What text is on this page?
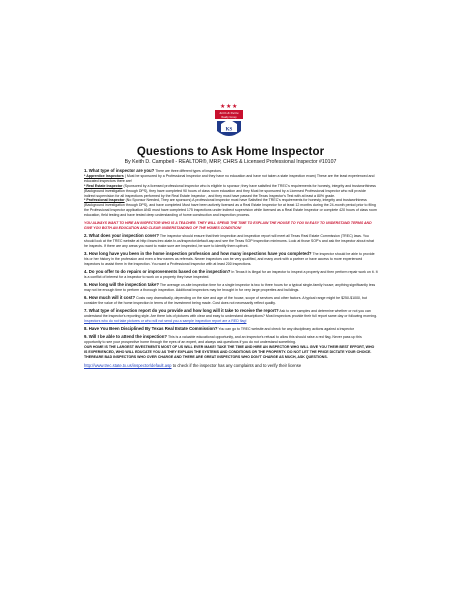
★ ★ ★
Keith & Sheila
Realty Group
KS
Questions to Ask Home Inspector
By Keith D. Campbell - REALTOR®, MRP, CHRS & Licensed Professional Inspector #10107

1. What type of inspector are you? There are three different types of inspectors.
* Apprentice Inspectors ( Must be sponsored by a Professional Inspector and they have no education and have not taken a state inspection exam) These are the least experienced and educated inspectors there are!
* Real Estate Inspector (Sponsored by a licensed professional inspector who is eligible to sponsor; they have satisfied the TREC's requirements for honesty, integrity and trustworthiness (Background investigation through DPS), they have completed 90 hours of class room education and they Must be sponsored by a Licensed Professional Inspector who will provide indirect supervision for all inspections performed by the Real Estate Inspector , and they must have passed the Texas Inspector's Test with at least a 80% grade.
* Professional Inspector (No Sponsor Needed, They are sponsors) A professional inspector must have Satisfied the TREC's requirements for honesty, integrity and trustworthiness (Background investigation through DPS), and have completed Must have been actively licensed as a Real Estate Inspector for at least 12 months during the 24-month period prior to filing the Professional Inspector application AND must have completed 175 inspections under indirect supervision while licensed as a Real Estate Inspector or complete 420 hours of class room education, field testing and have tested deep understanding of home construction and inspection process.

YOU ALWAYS WANT TO HIRE AN INSPECTOR WHO IS A TEACHER. THEY WILL SPEND THE TIME TO EXPLAIN THE HOUSE TO YOU IN EASY TO UNDERSTAND TERMS AND GIVE YOU BOTH AN EDUCATION AND CLEAR UNDERSTANDING OF THE HOMES CONDITION!

2. What does your inspection cover? The inspector should ensure that their inspection and inspection report will meet all Texas Real Estate Commission (TREC) laws. You should look at the TREC website at http://www.trec.state.tx.us/inspector/default.asp and see the Texas SOP inspection minimums. Look at those SOP's and ask the inspector about what he inspects. If there are any areas you want to make sure are inspected, be sure to identify them upfront.

3. How long have you been in the home inspection profession and how many inspections have you completed? The inspector should be able to provide his or her history in the profession and even a few names as referrals. Newer inspectors can be very qualified, and many work with a partner or have access to more experienced inspectors to assist them in the inspection. You want a Professional Inspector with at least 200 inspections.

4. Do you offer to do repairs or improvements based on the inspection? In Texas it is illegal for an inspector to inspect a property and then perform repair work on it. It is a conflict of interest for a inspector to work on a property they have inspected.

5. How long will the inspection take? The average on-site inspection time for a single inspector is two to three hours for a typical single-family house; anything significantly less may not be enough time to perform a thorough inspection. Additional inspectors may be brought in for very large properties and buildings.

6. How much will it cost? Costs vary dramatically, depending on the size and age of the house, scope of services and other factors. A typical range might be $250-$1000, but consider the value of the home inspection in terms of the investment being made. Cost does not necessarily reflect quality.

7. What type of inspection report do you provide and how long will it take to receive the report? Ask to see samples and determine whether or not you can understand the inspector's reporting style. Are there lots of pictures with clear and easy to understand descriptions? Most inspectors provide their full report same day or following morning. Inspectors who do not take pictures or who will not send you a sample inspection report are a RED flag!

8. Have You Been Disciplined By Texas Real Estate Commission? You can go to TREC website and check for any disciplinary actions against a inspector

9. Will I be able to attend the inspection? This is a valuable educational opportunity, and an inspector's refusal to allow this should raise a red flag. Never pass up this opportunity to see your prospective home through the eyes of an expert, and always ask questions if you do not understand something.
OUR HOME IS THE LARGEST INVESTMENTS MOST OF US WILL EVER MAKE! TAKE THE TIME AND HIRE AN INSPECTOR WHO WILL GIVE YOU THEIR BEST EFFORT, WHO IS EXPERIENCED, WHO WILL EDUCATE YOU AS THEY EXPLAIN THE SYSTEMS AND CONDITIONS OR THE PROPERTY. DO NOT LET THE PRICE DICTATE YOUR CHOICE. THEREARE BAD INSPECTORS WHO OVER CHARGE AND THERE ARE GREAT INSPECTORS WHO DON'T CHARGE AS MUCH, ASK QUESTIONS.

http://www.trec.state.tx.us/inspector/default.asp to check if the inspector has any complaints and to verify their license
